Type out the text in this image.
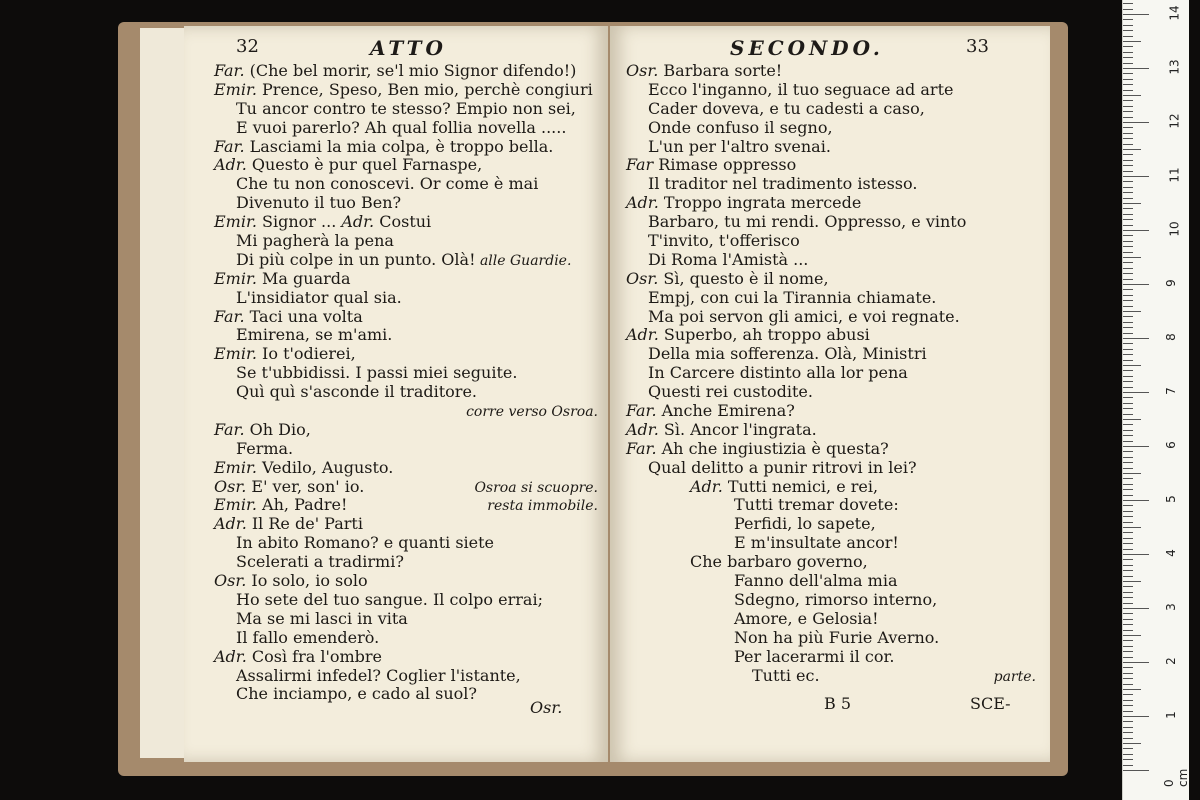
32	ATTO
Far. (Che bel morir, se'l mio Signor difendo!)
Emir. Prence, Speso, Ben mio, perchè congiuri
Tu ancor contro te stesso? Empio non sei,
E vuoi parerlo? Ah qual follia novella .....
Far. Lasciami la mia colpa, è troppo bella.
Adr. Questo è pur quel Farnaspe,
Che tu non conoscevi. Or come è mai
Divenuto il tuo Ben?
Emir. Signor ... Adr. Costui
Mi pagherà la pena
Di più colpe in un punto. Olà! alle Guardie.
Emir. Ma guarda
L'insidiator qual sia.
Far. Taci una volta
Emirena, se m'ami.
Emir. Io t'odierei,
Se t'ubbidissi. I passi miei seguite.
Quì quì s'asconde il traditore.
corre verso Osroa.
Far. Oh Dio,
Ferma.
Emir. Vedilo, Augusto.
Osr. E' ver, son' io.	Osroa si scuopre.
Emir. Ah, Padre!	resta immobile.
Adr. Il Re de' Parti
In abito Romano? e quanti siete
Scelerati a tradirmi?
Osr. Io solo, io solo
Ho sete del tuo sangue. Il colpo errai;
Ma se mi lasci in vita
Il fallo emenderò.
Adr. Così fra l'ombre
Assalirmi infedel? Coglier l'istante,
Che inciampo, e cado al suol?
Osr.
SECONDO.	33
Osr. Barbara sorte!
Ecco l'inganno, il tuo seguace ad arte
Cader doveva, e tu cadesti a caso,
Onde confuso il segno,
L'un per l'altro svenai.
Far Rimase oppresso
Il traditor nel tradimento istesso.
Adr. Troppo ingrata mercede
Barbaro, tu mi rendi. Oppresso, e vinto
T'invito, t'offerisco
Di Roma l'Amistà ...
Osr. Sì, questo è il nome,
Empj, con cui la Tirannia chiamate.
Ma poi servon gli amici, e voi regnate.
Adr. Superbo, ah troppo abusi
Della mia sofferenza. Olà, Ministri
In Carcere distinto alla lor pena
Questi rei custodite.
Far. Anche Emirena?
Adr. Sì. Ancor l'ingrata.
Far. Ah che ingiustizia è questa?
Qual delitto a punir ritrovi in lei?
Adr. Tutti nemici, e rei,
Tutti tremar dovete:
Perfidi, lo sapete,
E m'insultate ancor!
Che barbaro governo,
Fanno dell'alma mia
Sdegno, rimorso interno,
Amore, e Gelosia!
Non ha più Furie Averno.
Per lacerarmi il cor.
Tutti ec.	parte.
B 5	SCE-
0 cm
1
2
3
4
5
6
7
8
9
10
11
12
13
14
